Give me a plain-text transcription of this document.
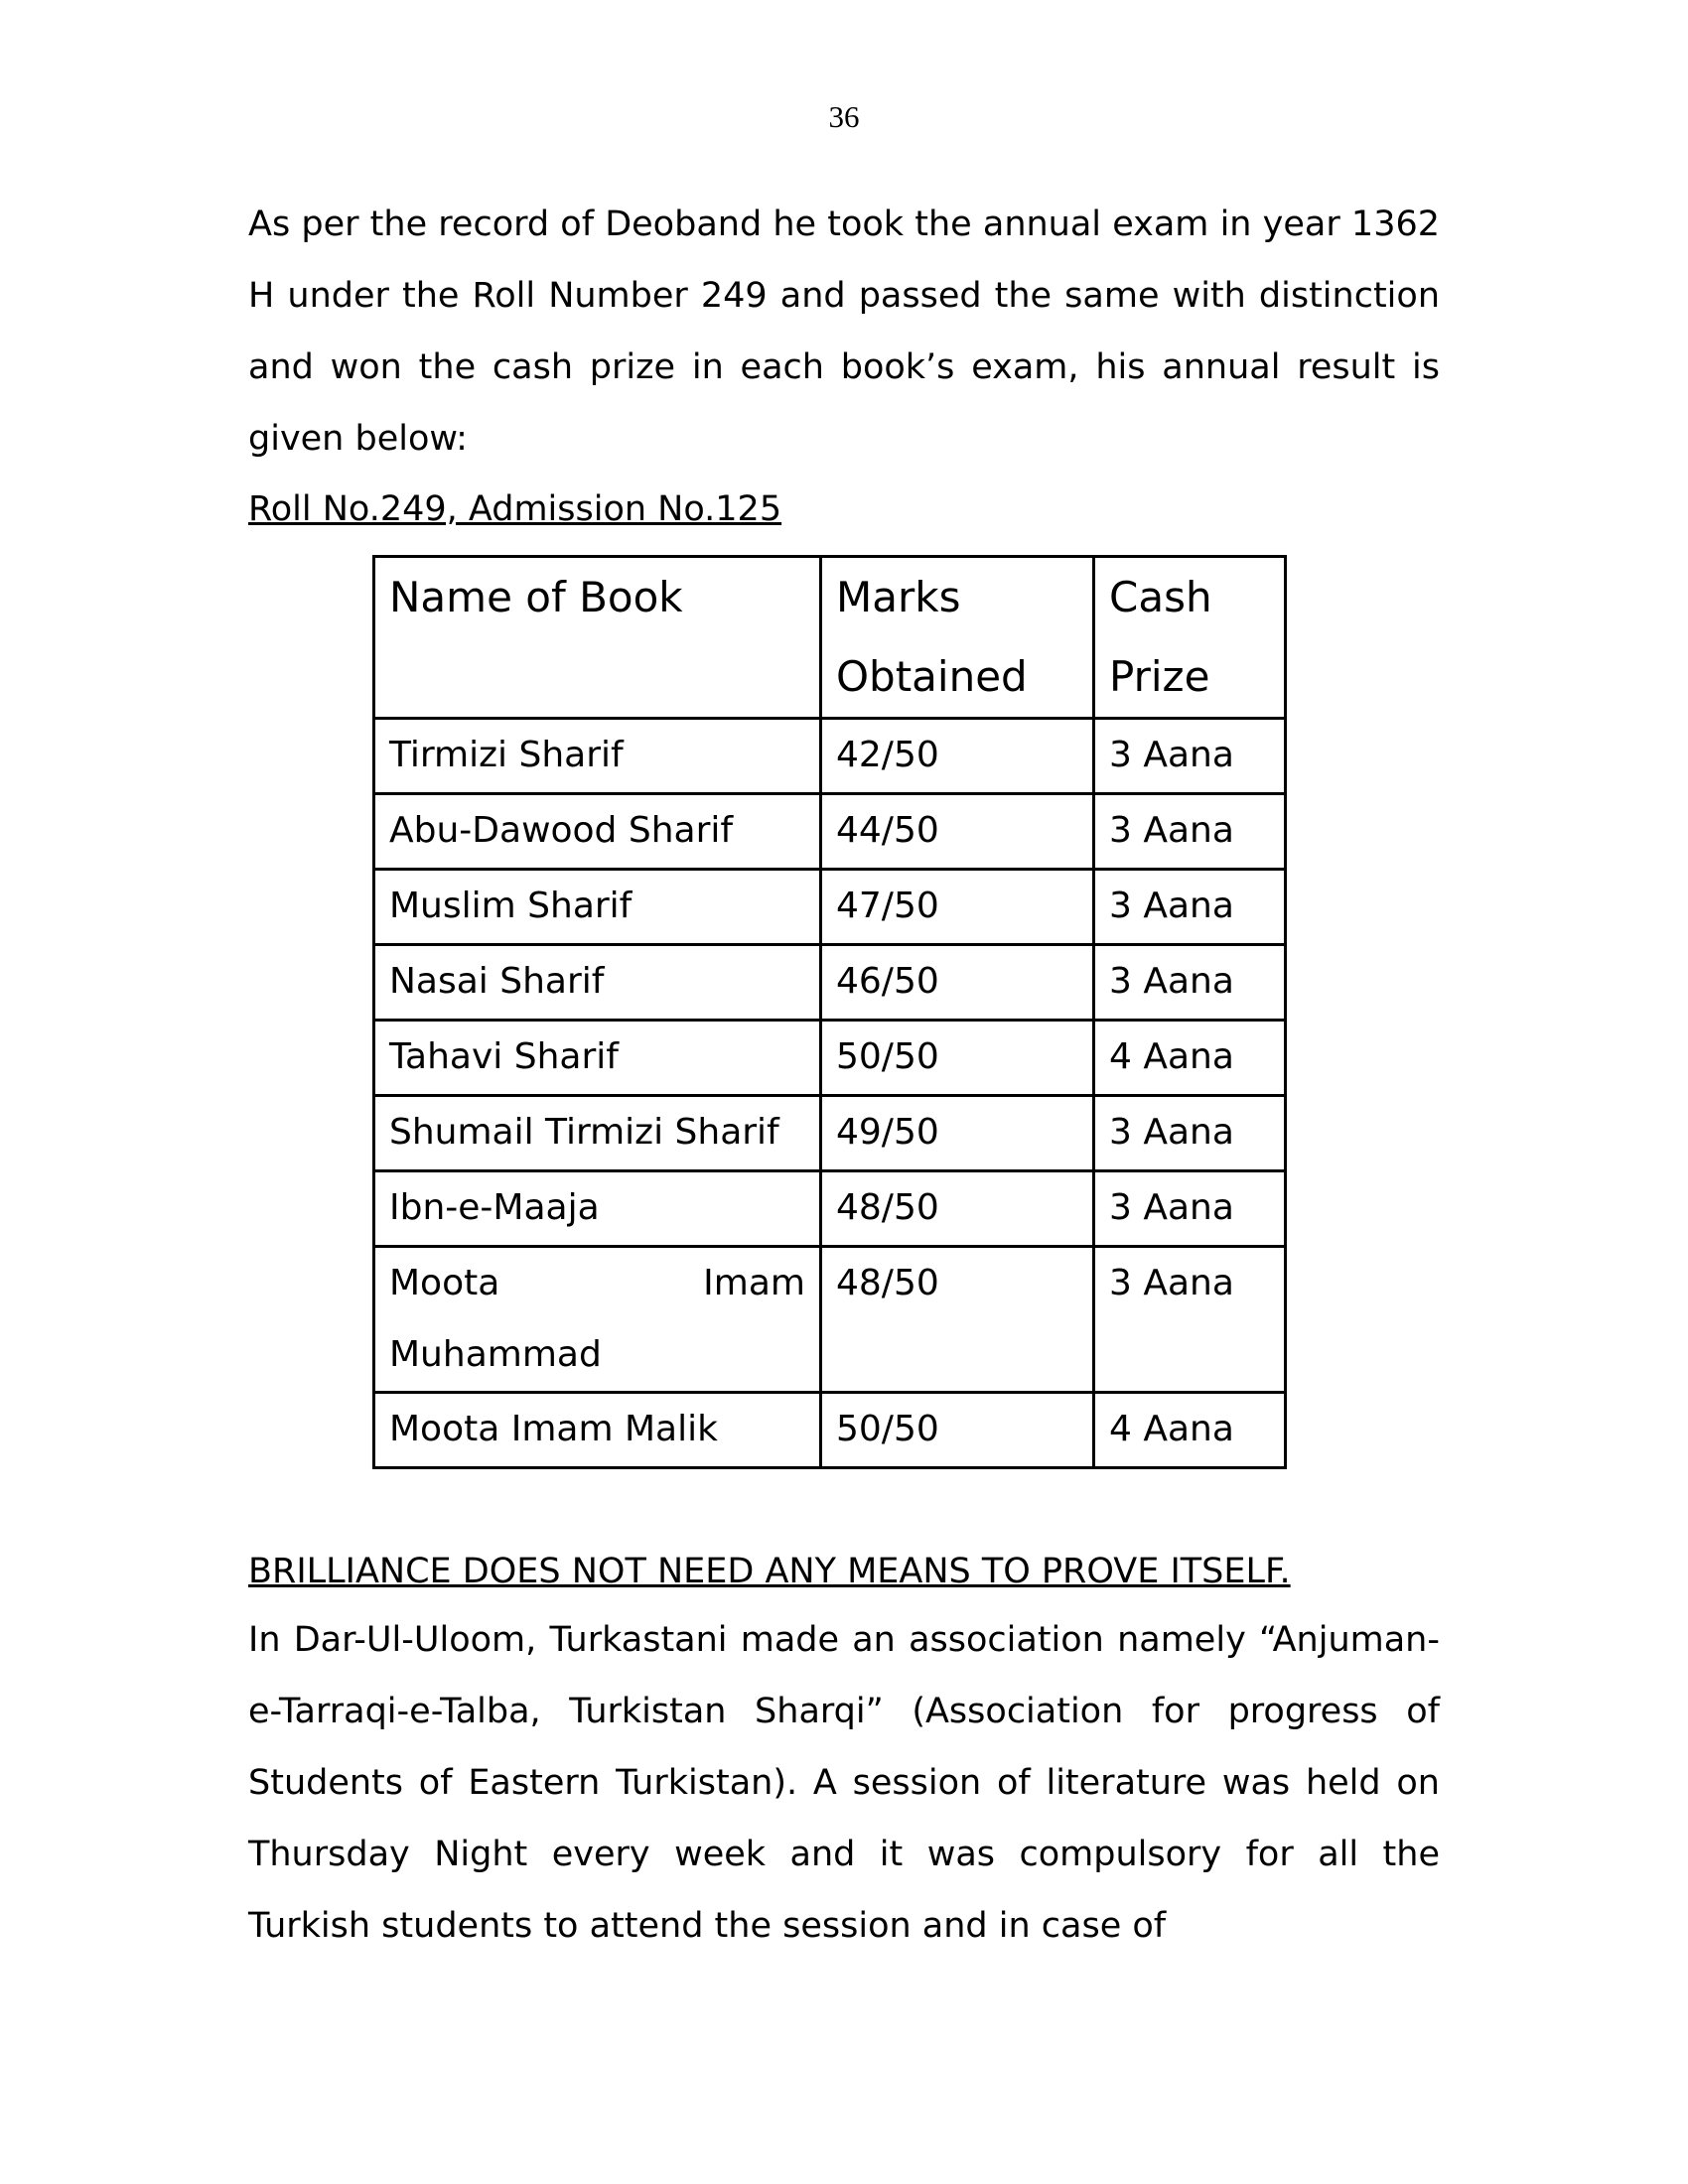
36

As per the record of Deoband he took the annual exam in year 1362 H under the Roll Number 249 and passed the same with distinction and won the cash prize in each book’s exam, his annual result is given below:

Roll No.249, Admission No.125
Name of Book	Marks Obtained	Cash Prize
Tirmizi Sharif	42/50	3 Aana
Abu-Dawood Sharif	44/50	3 Aana
Muslim Sharif	47/50	3 Aana
Nasai Sharif	46/50	3 Aana
Tahavi Sharif	50/50	4 Aana
Shumail Tirmizi Sharif	49/50	3 Aana
Ibn-e-Maaja	48/50	3 Aana
Moota Imam Muhammad	48/50	3 Aana
Moota Imam Malik	50/50	4 Aana
BRILLIANCE DOES NOT NEED ANY MEANS TO PROVE ITSELF.

In Dar-Ul-Uloom, Turkastani made an association namely “Anjuman-e-Tarraqi-e-Talba, Turkistan Sharqi” (Association for progress of Students of Eastern Turkistan). A session of literature was held on Thursday Night every week and it was compulsory for all the Turkish students to attend the session and in case of
